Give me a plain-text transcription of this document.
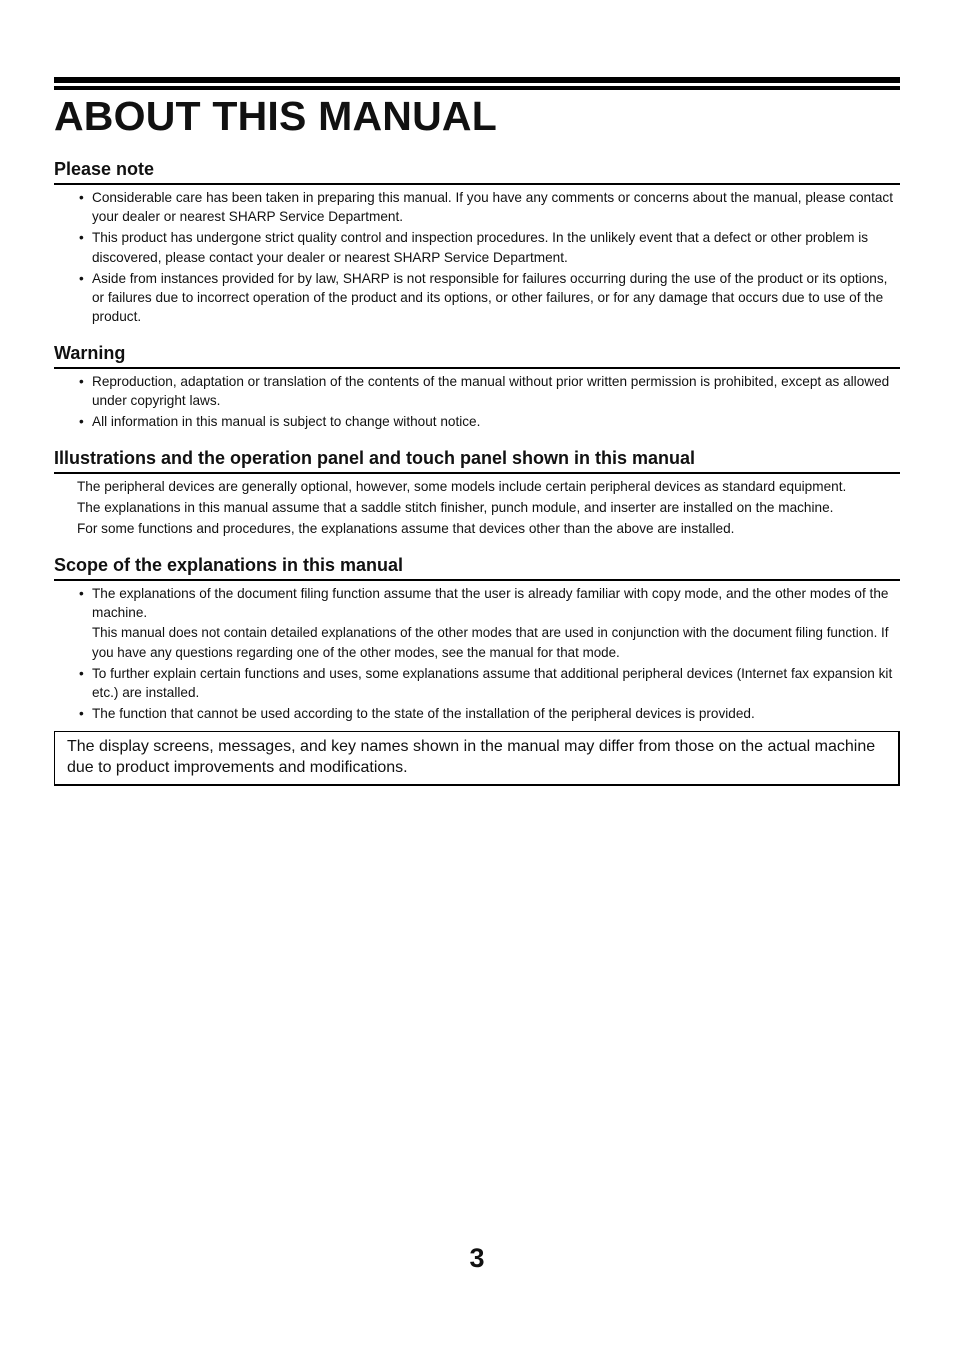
ABOUT THIS MANUAL
Please note
• Considerable care has been taken in preparing this manual. If you have any comments or concerns about the manual, please contact your dealer or nearest SHARP Service Department.
• This product has undergone strict quality control and inspection procedures. In the unlikely event that a defect or other problem is discovered, please contact your dealer or nearest SHARP Service Department.
• Aside from instances provided for by law, SHARP is not responsible for failures occurring during the use of the product or its options, or failures due to incorrect operation of the product and its options, or other failures, or for any damage that occurs due to use of the product.
Warning
• Reproduction, adaptation or translation of the contents of the manual without prior written permission is prohibited, except as allowed under copyright laws.
• All information in this manual is subject to change without notice.
Illustrations and the operation panel and touch panel shown in this manual

The peripheral devices are generally optional, however, some models include certain peripheral devices as standard equipment.

The explanations in this manual assume that a saddle stitch finisher, punch module, and inserter are installed on the machine.

For some functions and procedures, the explanations assume that devices other than the above are installed.

Scope of the explanations in this manual
• The explanations of the document filing function assume that the user is already familiar with copy mode, and the other modes of the machine.
This manual does not contain detailed explanations of the other modes that are used in conjunction with the document filing function. If you have any questions regarding one of the other modes, see the manual for that mode.
• To further explain certain functions and uses, some explanations assume that additional peripheral devices (Internet fax expansion kit etc.) are installed.
• The function that cannot be used according to the state of the installation of the peripheral devices is provided.
The display screens, messages, and key names shown in the manual may differ from those on the actual machine due to product improvements and modifications.
3
